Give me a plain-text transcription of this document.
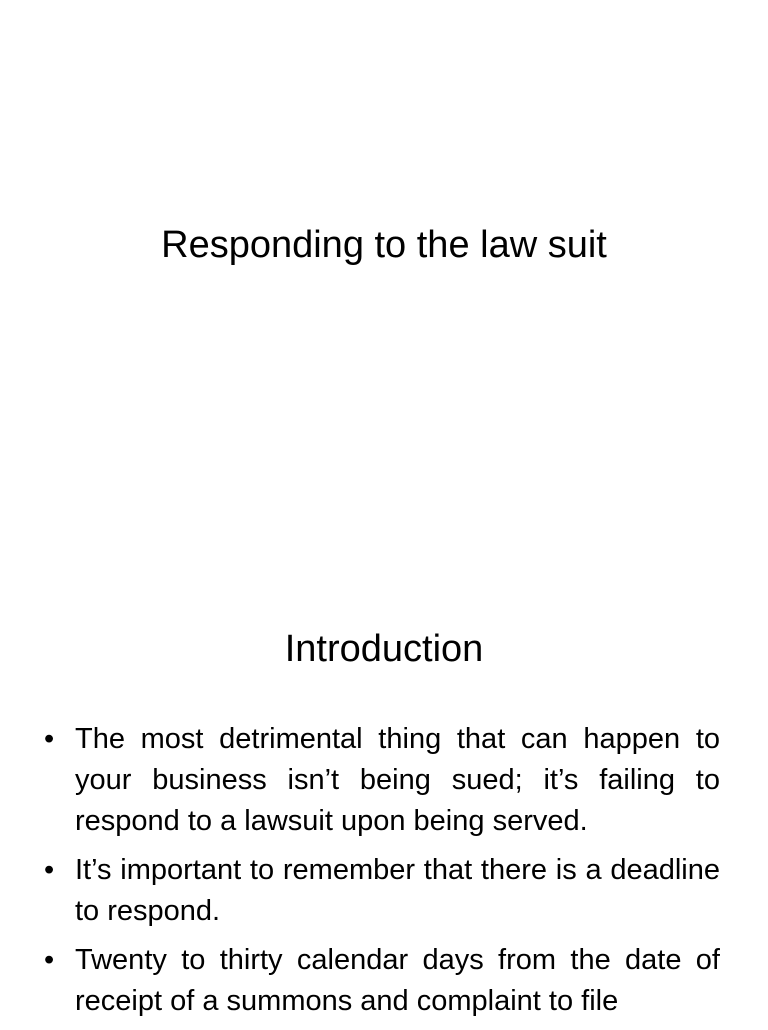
Responding to the law suit
Introduction
• The most detrimental thing that can happen to your business isn’t being sued; it’s failing to respond to a lawsuit upon being served.
• It’s important to remember that there is a deadline to respond.
• Twenty to thirty calendar days from the date of receipt of a summons and complaint to file
